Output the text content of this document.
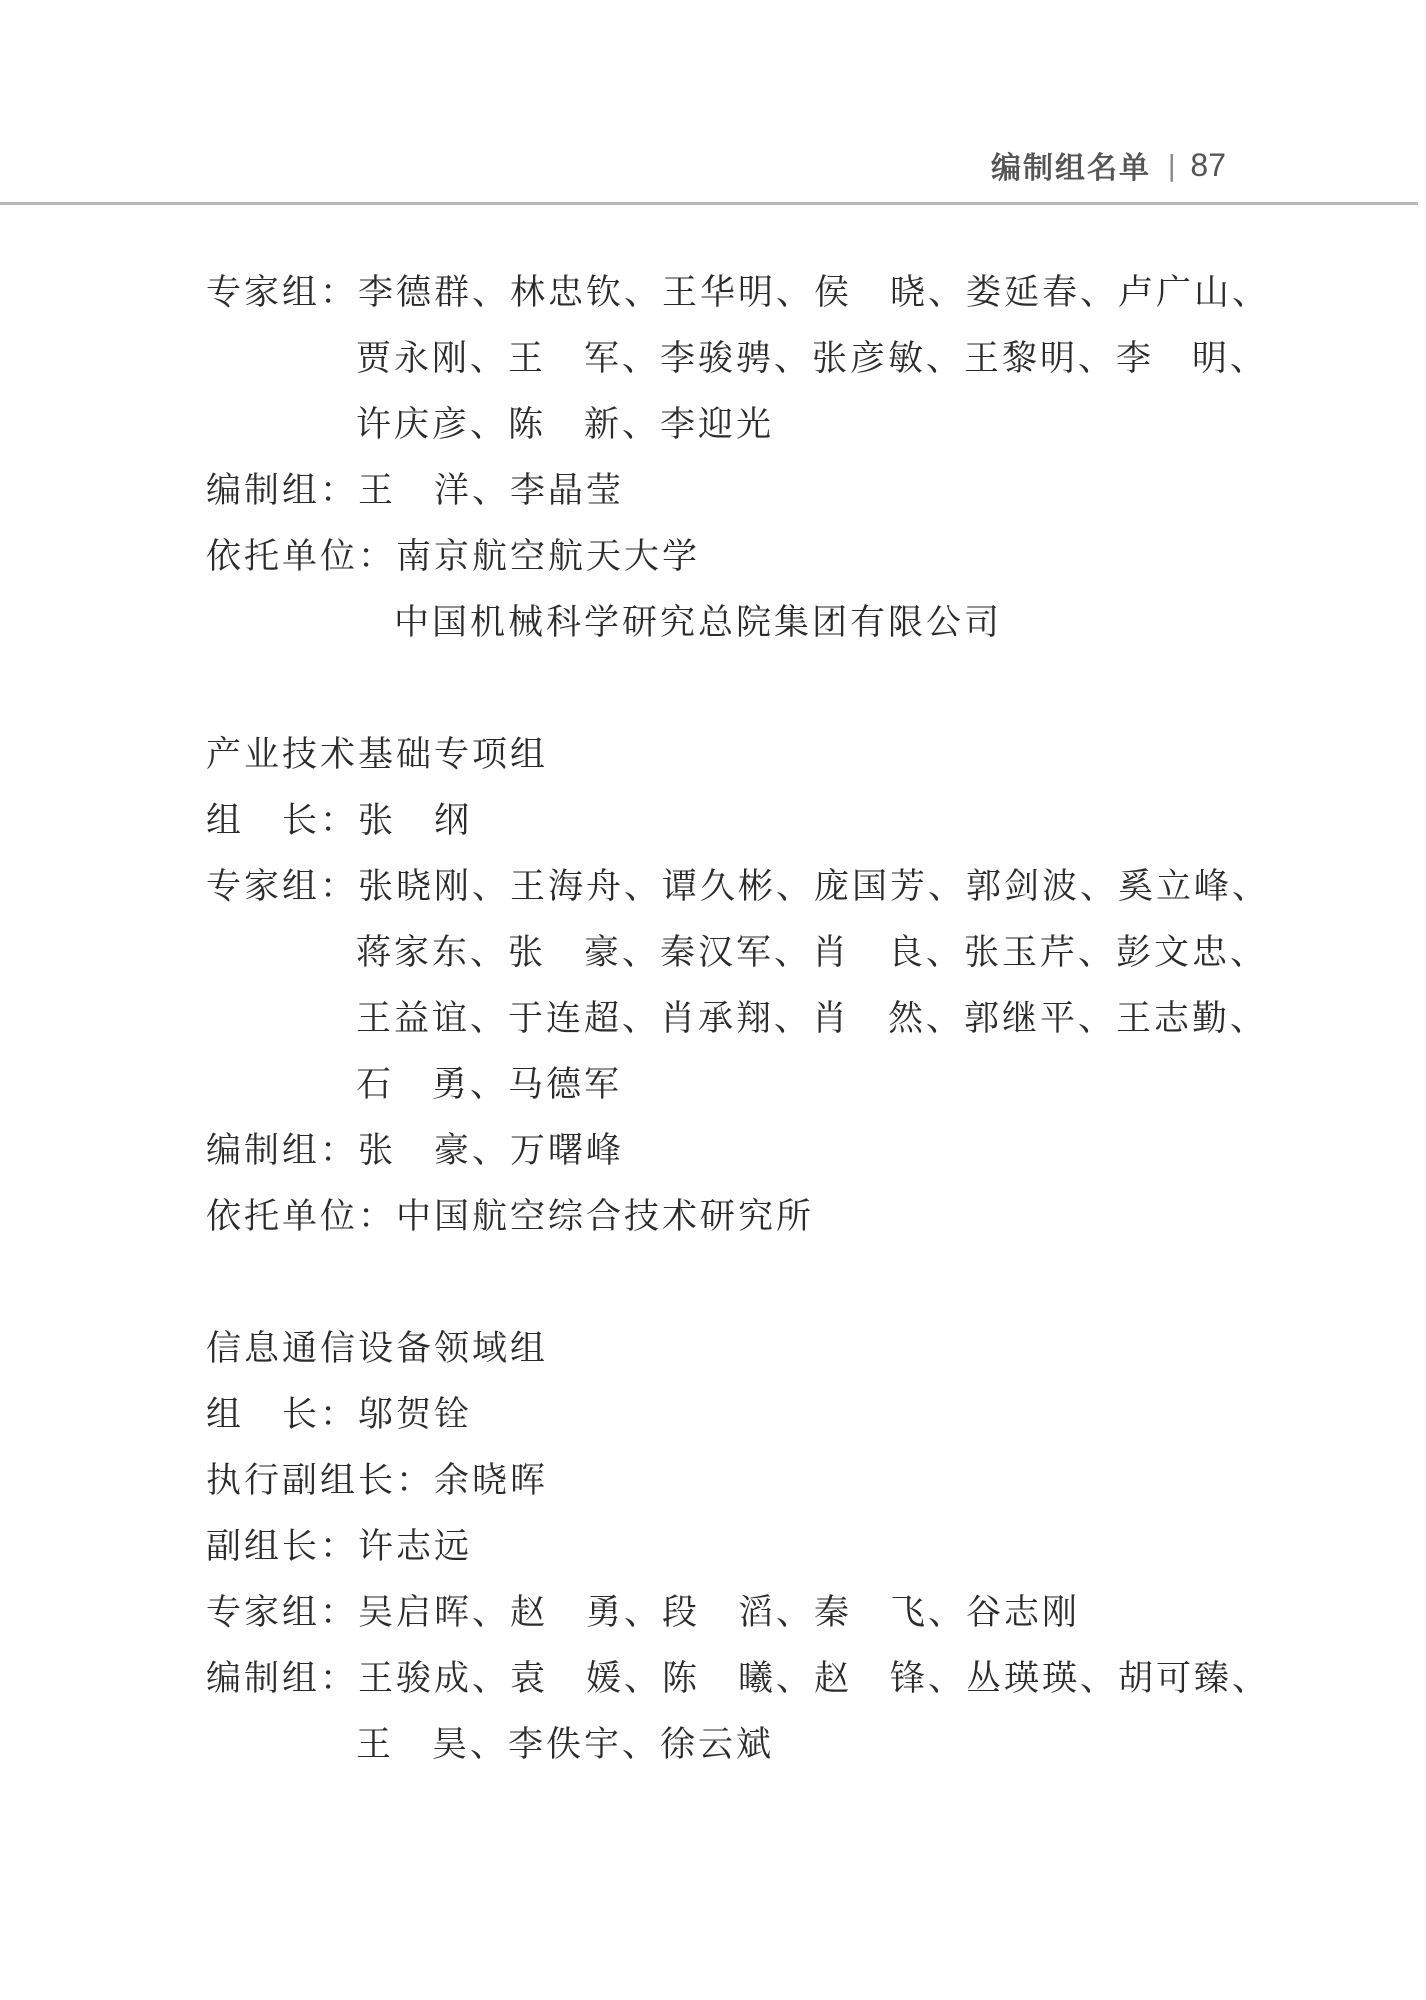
编制组名单 | 87
专家组：李德群、林忠钦、王华明、侯　晓、娄延春、卢广山、
贾永刚、王　军、李骏骋、张彦敏、王黎明、李　明、
许庆彦、陈　新、李迎光
编制组：王　洋、李晶莹
依托单位：南京航空航天大学
中国机械科学研究总院集团有限公司
产业技术基础专项组
组　长：张　纲
专家组：张晓刚、王海舟、谭久彬、庞国芳、郭剑波、奚立峰、
蒋家东、张　豪、秦汉军、肖　良、张玉芹、彭文忠、
王益谊、于连超、肖承翔、肖　然、郭继平、王志勤、
石　勇、马德军
编制组：张　豪、万曙峰
依托单位：中国航空综合技术研究所
信息通信设备领域组
组　长：邬贺铨
执行副组长：余晓晖
副组长：许志远
专家组：吴启晖、赵　勇、段　滔、秦　飞、谷志刚
编制组：王骏成、袁　媛、陈　曦、赵　锋、丛瑛瑛、胡可臻、
王　昊、李佚宇、徐云斌
